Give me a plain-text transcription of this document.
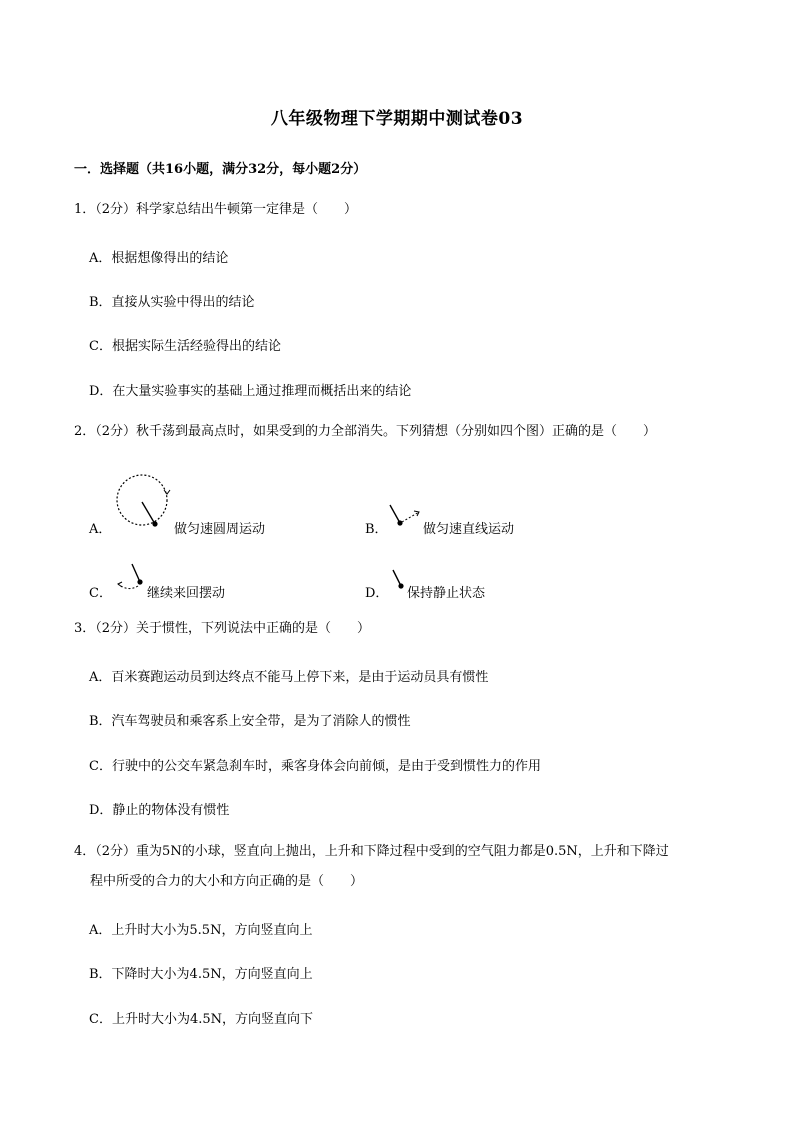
八年级物理下学期期中测试卷03
一．选择题（共16小题，满分32分，每小题2分）
1．（2分）科学家总结出牛顿第一定律是（　　）
A．根据想像得出的结论
B．直接从实验中得出的结论
C．根据实际生活经验得出的结论
D．在大量实验事实的基础上通过推理而概括出来的结论
2．（2分）秋千荡到最高点时，如果受到的力全部消失。下列猜想（分别如四个图）正确的是（　　）
A．	做匀速圆周运动	B．	做匀速直线运动
C．	继续来回摆动	D． 保持静止状态
3．（2分）关于惯性，下列说法中正确的是（　　）
A．百米赛跑运动员到达终点不能马上停下来，是由于运动员具有惯性
B．汽车驾驶员和乘客系上安全带，是为了消除人的惯性
C．行驶中的公交车紧急刹车时，乘客身体会向前倾，是由于受到惯性力的作用
D．静止的物体没有惯性
4．（2分）重为5N的小球，竖直向上抛出，上升和下降过程中受到的空气阻力都是0.5N，上升和下降过
程中所受的合力的大小和方向正确的是（　　）
A．上升时大小为5.5N，方向竖直向上
B．下降时大小为4.5N，方向竖直向上
C．上升时大小为4.5N，方向竖直向下
